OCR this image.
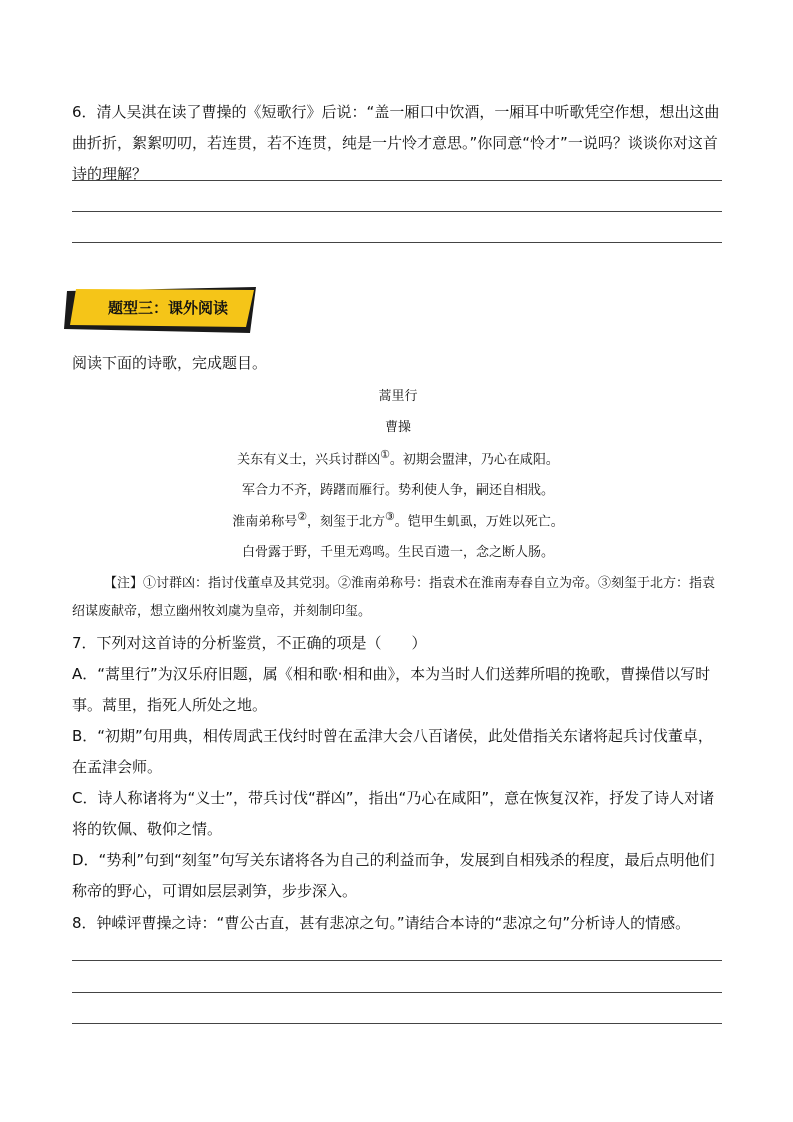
6．清人吴淇在读了曹操的《短歌行》后说：“盖一厢口中饮酒，一厢耳中听歌凭空作想，想出这曲曲折折，絮絮叨叨，若连贯，若不连贯，纯是一片怜才意思。”你同意“怜才”一说吗？谈谈你对这首诗的理解？

题型三：课外阅读

阅读下面的诗歌，完成题目。

蒿里行

曹操

关东有义士，兴兵讨群凶①。初期会盟津，乃心在咸阳。

军合力不齐，踌躇而雁行。势利使人争，嗣还自相戕。

淮南弟称号②，刻玺于北方③。铠甲生虮虱，万姓以死亡。

白骨露于野，千里无鸡鸣。生民百遗一，念之断人肠。

【注】①讨群凶：指讨伐董卓及其党羽。②淮南弟称号：指袁术在淮南寿春自立为帝。③刻玺于北方：指袁绍谋废献帝，想立幽州牧刘虞为皇帝，并刻制印玺。

7．下列对这首诗的分析鉴赏，不正确的项是（　　）

A．“蒿里行”为汉乐府旧题，属《相和歌·相和曲》，本为当时人们送葬所唱的挽歌，曹操借以写时事。蒿里，指死人所处之地。

B．“初期”句用典，相传周武王伐纣时曾在孟津大会八百诸侯，此处借指关东诸将起兵讨伐董卓，在孟津会师。

C．诗人称诸将为“义士”，带兵讨伐“群凶”，指出“乃心在咸阳”，意在恢复汉祚，抒发了诗人对诸将的钦佩、敬仰之情。

D．“势利”句到“刻玺”句写关东诸将各为自己的利益而争，发展到自相残杀的程度，最后点明他们称帝的野心，可谓如层层剥笋，步步深入。

8．钟嵘评曹操之诗：“曹公古直，甚有悲凉之句。”请结合本诗的“悲凉之句”分析诗人的情感。
